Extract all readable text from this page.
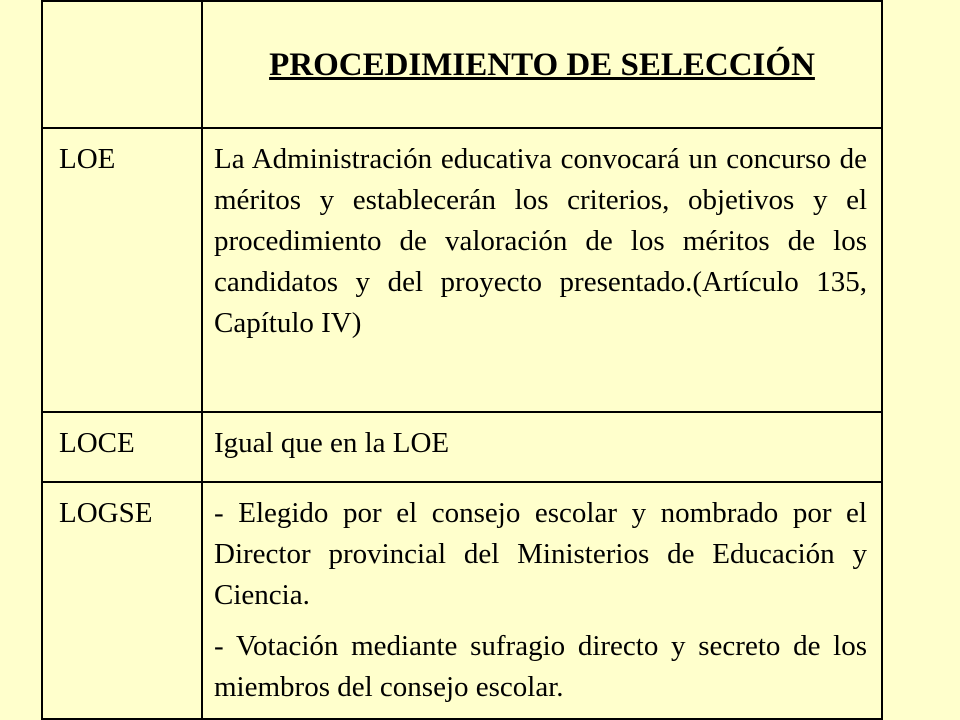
	PROCEDIMIENTO DE SELECCIÓN
LOE	La Administración educativa convocará un concurso de méritos y establecerán los criterios, objetivos y el procedimiento de valoración de los méritos de los candidatos y del proyecto presentado.(Artículo 135, Capítulo IV)

LOCE	Igual que en la LOE

LOGSE	- Elegido por el consejo escolar y nombrado por el Director provincial del Ministerios de Educación y Ciencia.

- Votación mediante sufragio directo y secreto de los miembros del consejo escolar.
